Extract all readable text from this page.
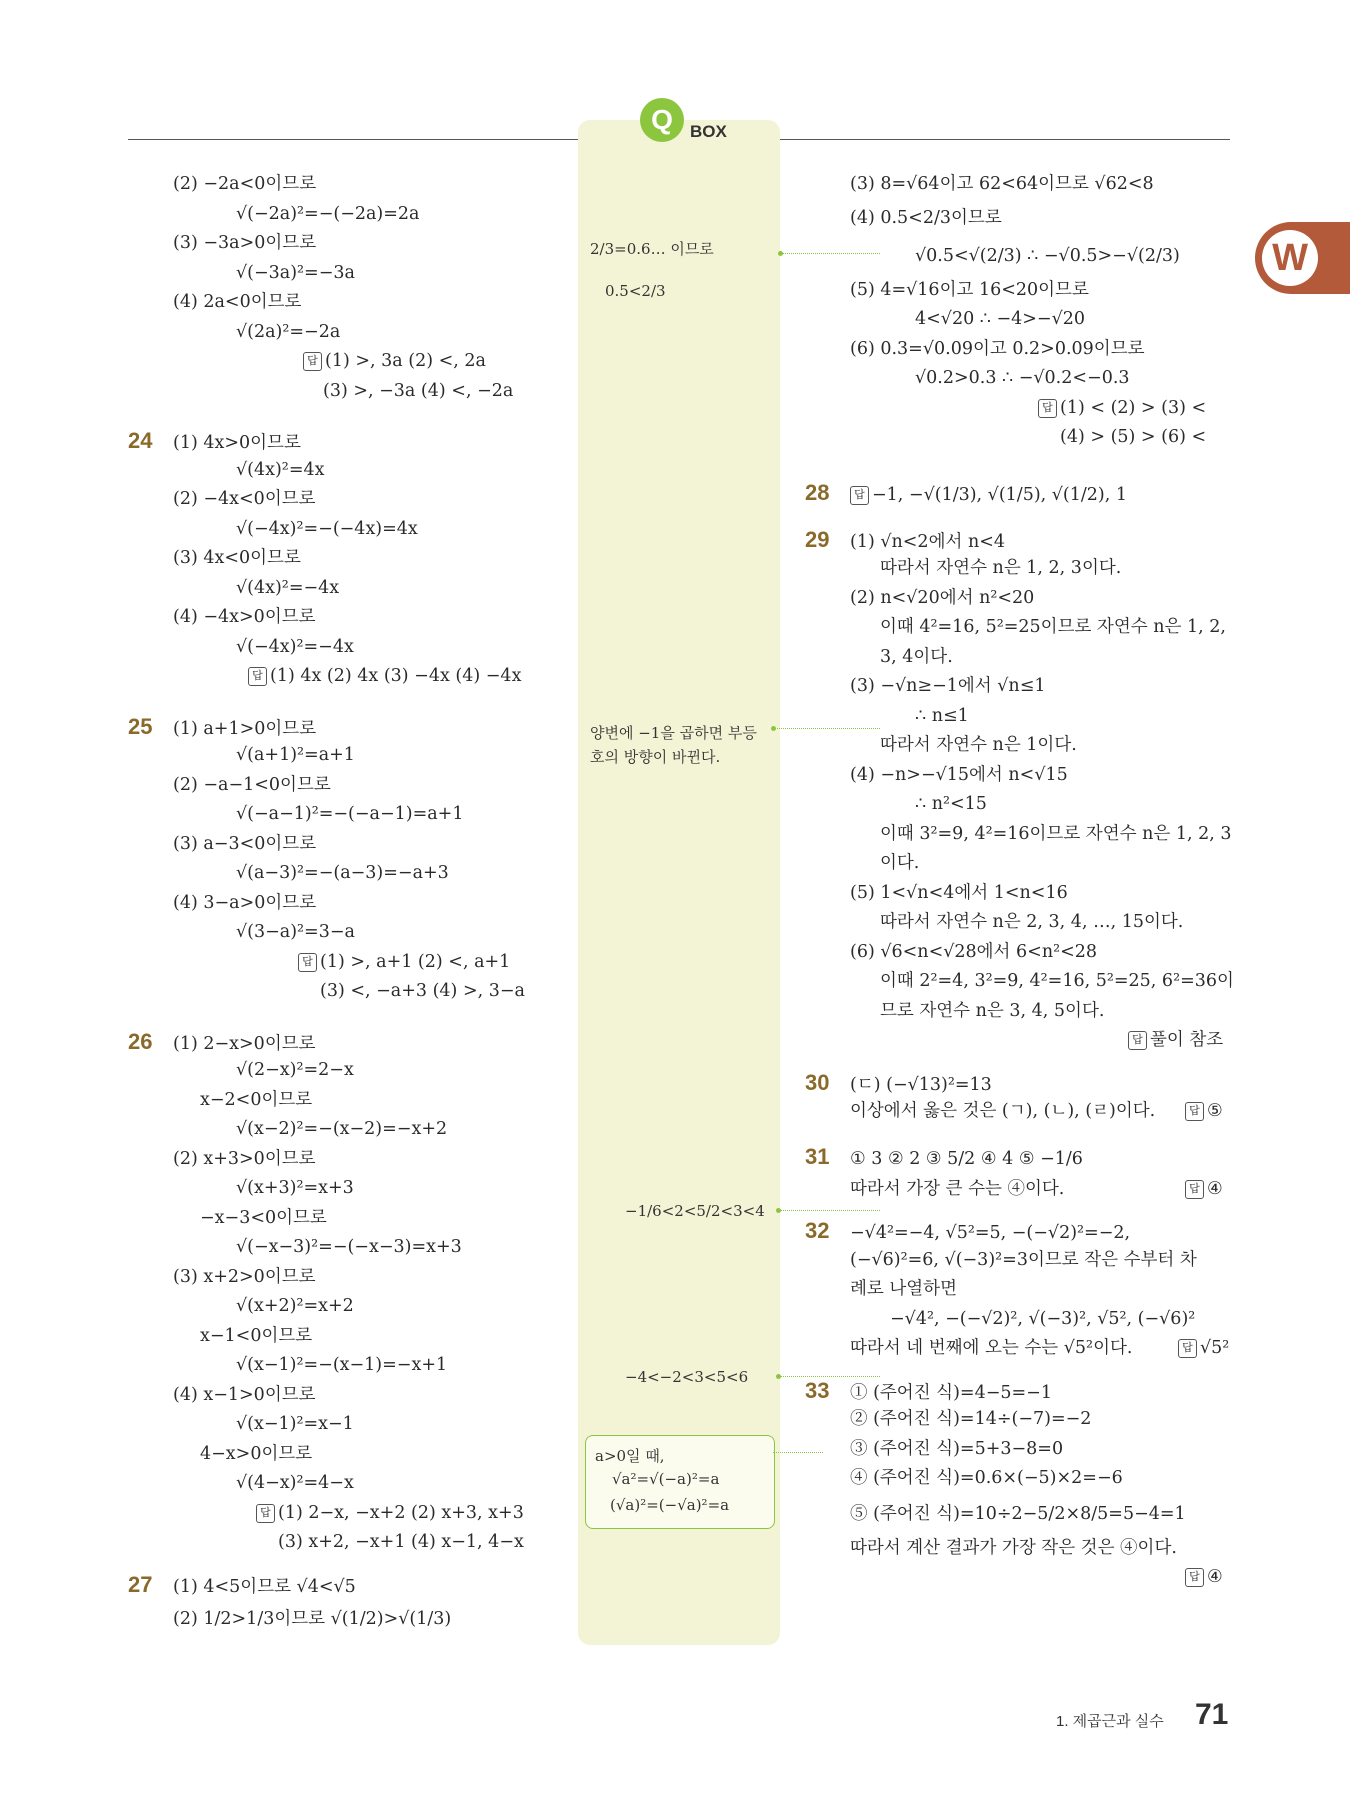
Q	BOX
W
(2) −2a<0이므로
√(−2a)²=−(−2a)=2a
(3) −3a>0이므로
√(−3a)²=−3a
(4) 2a<0이므로
√(2a)²=−2a
답 (1) >, 3a (2) <, 2a
(3) >, −3a (4) <, −2a
24 (1) 4x>0이므로
√(4x)²=4x
(2) −4x<0이므로
√(−4x)²=−(−4x)=4x
(3) 4x<0이므로
√(4x)²=−4x
(4) −4x>0이므로
√(−4x)²=−4x
답 (1) 4x (2) 4x (3) −4x (4) −4x
25 (1) a+1>0이므로
√(a+1)²=a+1
(2) −a−1<0이므로
√(−a−1)²=−(−a−1)=a+1
(3) a−3<0이므로
√(a−3)²=−(a−3)=−a+3
(4) 3−a>0이므로
√(3−a)²=3−a
답 (1) >, a+1 (2) <, a+1
(3) <, −a+3 (4) >, 3−a
26 (1) 2−x>0이므로
√(2−x)²=2−x
x−2<0이므로
√(x−2)²=−(x−2)=−x+2
(2) x+3>0이므로
√(x+3)²=x+3
−x−3<0이므로
√(−x−3)²=−(−x−3)=x+3
(3) x+2>0이므로
√(x+2)²=x+2
x−1<0이므로
√(x−1)²=−(x−1)=−x+1
(4) x−1>0이므로
√(x−1)²=x−1
4−x>0이므로
√(4−x)²=4−x
답 (1) 2−x, −x+2 (2) x+3, x+3
(3) x+2, −x+1 (4) x−1, 4−x
27 (1) 4<5이므로 √4<√5
(2) 1/2>1/3이므로 √(1/2)>√(1/3)
2/3=0.6… 이므로
0.5<2/3
양변에 −1을 곱하면 부등
호의 방향이 바뀐다.
−1/6<2<5/2<3<4
−4<−2<3<5<6
a>0일 때,
√a²=√(−a)²=a
(√a)²=(−√a)²=a
(3) 8=√64이고 62<64이므로 √62<8
(4) 0.5<2/3이므로
√0.5<√(2/3) ∴ −√0.5>−√(2/3)
(5) 4=√16이고 16<20이므로
4<√20 ∴ −4>−√20
(6) 0.3=√0.09이고 0.2>0.09이므로
√0.2>0.3 ∴ −√0.2<−0.3
답 (1) < (2) > (3) <
(4) > (5) > (6) <
28 답 −1, −√(1/3), √(1/5), √(1/2), 1
29 (1) √n<2에서 n<4
따라서 자연수 n은 1, 2, 3이다.
(2) n<√20에서 n²<20
이때 4²=16, 5²=25이므로 자연수 n은 1, 2,
3, 4이다.
(3) −√n≥−1에서 √n≤1
∴ n≤1
따라서 자연수 n은 1이다.
(4) −n>−√15에서 n<√15
∴ n²<15
이때 3²=9, 4²=16이므로 자연수 n은 1, 2, 3
이다.
(5) 1<√n<4에서 1<n<16
따라서 자연수 n은 2, 3, 4, …, 15이다.
(6) √6<n<√28에서 6<n²<28
이때 2²=4, 3²=9, 4²=16, 5²=25, 6²=36이
므로 자연수 n은 3, 4, 5이다.
답 풀이 참조
30 (ㄷ) (−√13)²=13
이상에서 옳은 것은 (ㄱ), (ㄴ), (ㄹ)이다.	답 ⑤
31 ① 3 ② 2 ③ 5/2 ④ 4 ⑤ −1/6
따라서 가장 큰 수는 ④이다.	답 ④
32 −√4²=−4, √5²=5, −(−√2)²=−2,
(−√6)²=6, √(−3)²=3이므로 작은 수부터 차
례로 나열하면
−√4², −(−√2)², √(−3)², √5², (−√6)²
따라서 네 번째에 오는 수는 √5²이다.	답 √5²
33 ① (주어진 식)=4−5=−1
② (주어진 식)=14÷(−7)=−2
③ (주어진 식)=5+3−8=0
④ (주어진 식)=0.6×(−5)×2=−6
⑤ (주어진 식)=10÷2−5/2×8/5=5−4=1
따라서 계산 결과가 가장 작은 것은 ④이다.
답 ④
1. 제곱근과 실수 71
